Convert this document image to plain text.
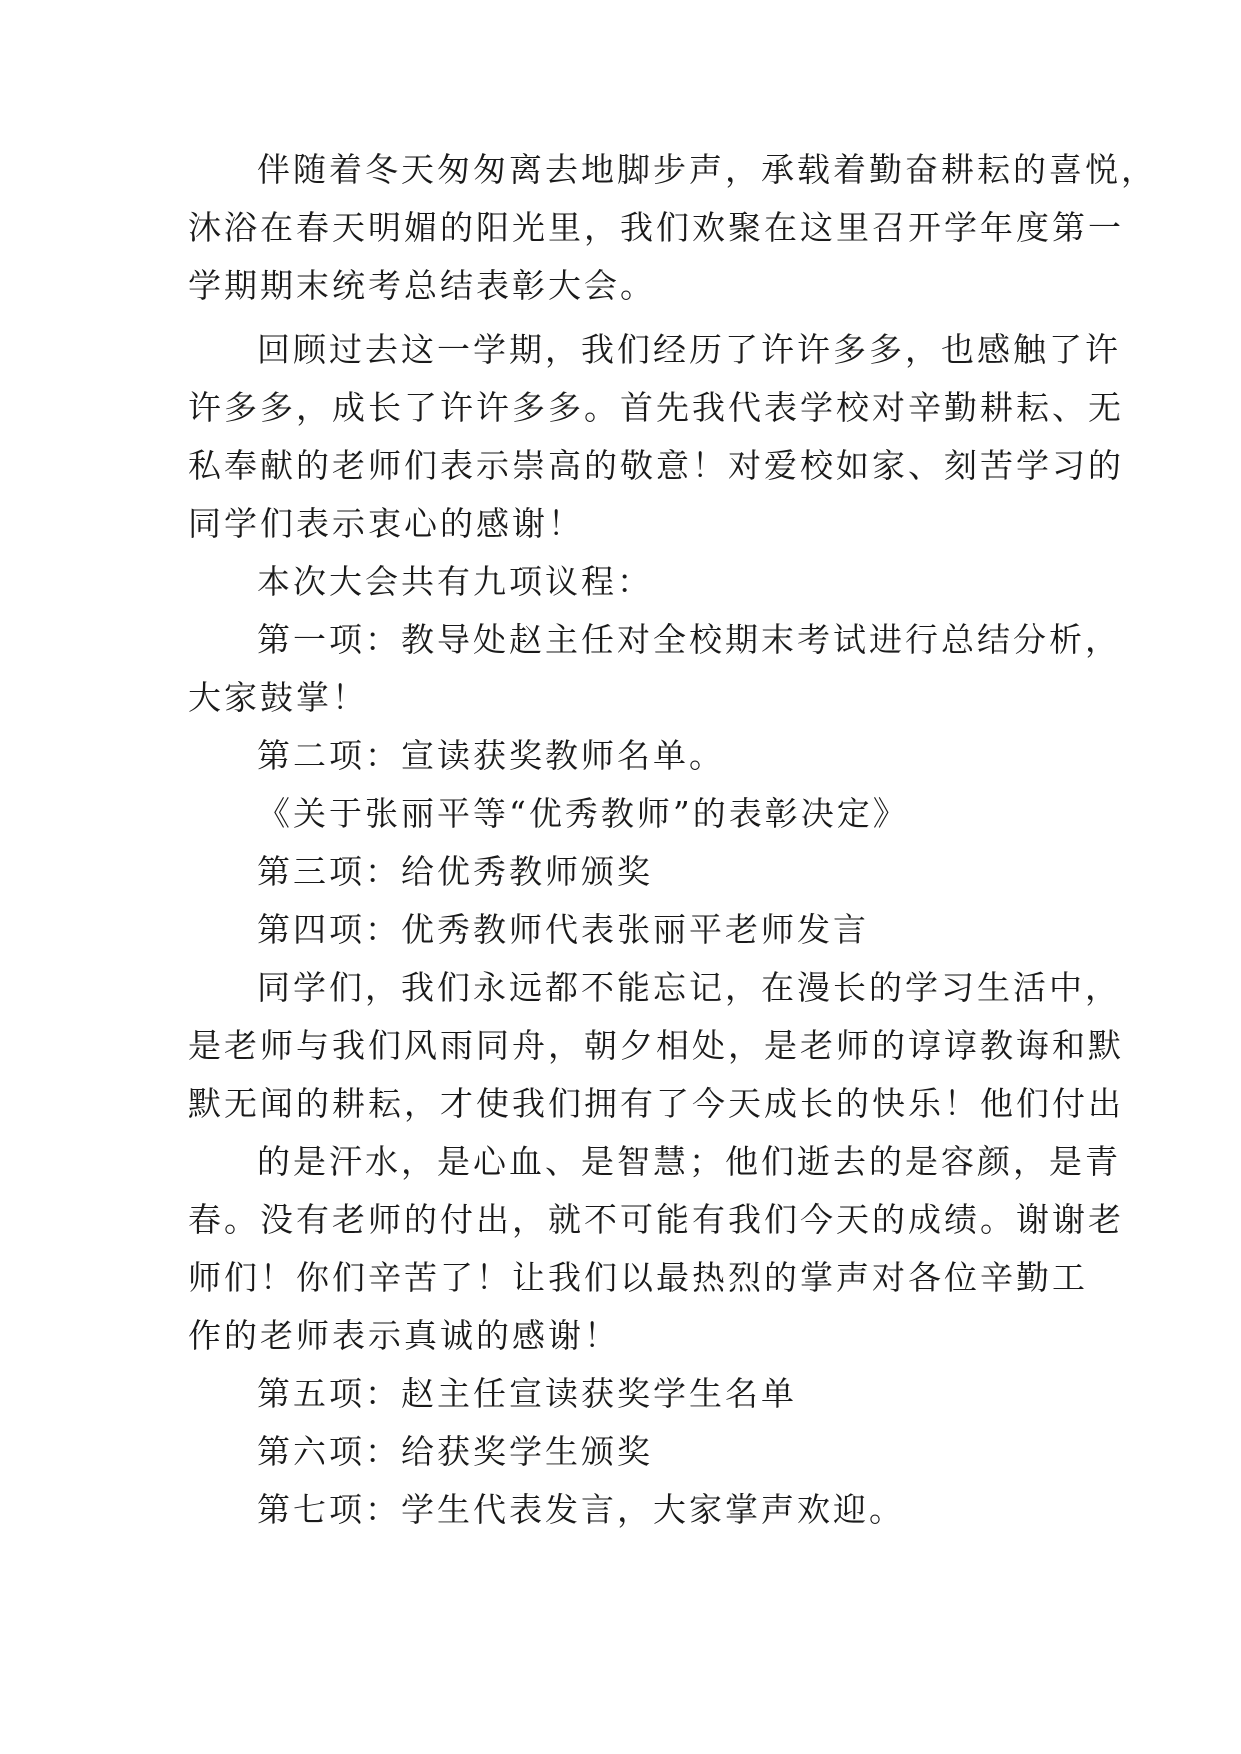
伴随着冬天匆匆离去地脚步声，承载着勤奋耕耘的喜悦，
沐浴在春天明媚的阳光里，我们欢聚在这里召开学年度第一
学期期末统考总结表彰大会。
回顾过去这一学期，我们经历了许许多多，也感触了许
许多多，成长了许许多多。首先我代表学校对辛勤耕耘、无
私奉献的老师们表示崇高的敬意！对爱校如家、刻苦学习的
同学们表示衷心的感谢！
本次大会共有九项议程：
第一项：教导处赵主任对全校期末考试进行总结分析，
大家鼓掌！
第二项：宣读获奖教师名单。
《关于张丽平等“优秀教师”的表彰决定》
第三项：给优秀教师颁奖
第四项：优秀教师代表张丽平老师发言
同学们，我们永远都不能忘记，在漫长的学习生活中，
是老师与我们风雨同舟，朝夕相处，是老师的谆谆教诲和默
默无闻的耕耘，才使我们拥有了今天成长的快乐！他们付出
的是汗水，是心血、是智慧；他们逝去的是容颜，是青
春。没有老师的付出，就不可能有我们今天的成绩。谢谢老
师们！你们辛苦了！让我们以最热烈的掌声对各位辛勤工
作的老师表示真诚的感谢！
第五项：赵主任宣读获奖学生名单
第六项：给获奖学生颁奖
第七项：学生代表发言，大家掌声欢迎。
